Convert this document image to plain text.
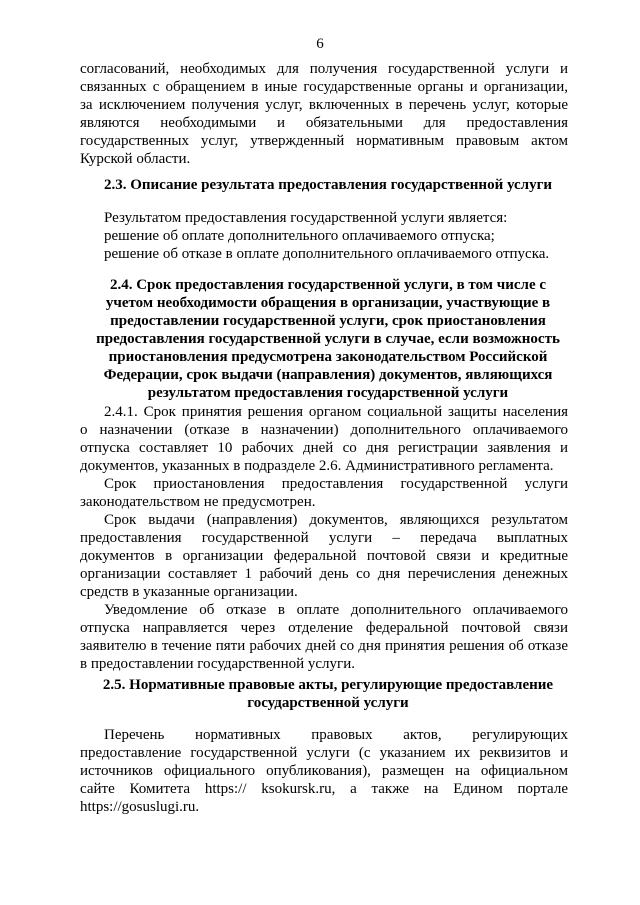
6
согласований, необходимых для получения государственной услуги и
связанных с обращением в иные государственные органы и организации,
за исключением получения услуг, включенных в перечень услуг, которые
являются необходимыми и обязательными для предоставления
государственных услуг, утвержденный нормативным правовым актом
Курской области.
2.3. Описание результата предоставления государственной услуги
Результатом предоставления государственной услуги является:
решение об оплате дополнительного оплачиваемого отпуска;
решение об отказе в оплате дополнительного оплачиваемого отпуска.
2.4. Срок предоставления государственной услуги, в том числе с
учетом необходимости обращения в организации, участвующие в
предоставлении государственной услуги, срок приостановления
предоставления государственной услуги в случае, если возможность
приостановления предусмотрена законодательством Российской
Федерации, срок выдачи (направления) документов, являющихся
результатом предоставления государственной услуги
2.4.1. Срок принятия решения органом социальной защиты населения
о назначении (отказе в назначении) дополнительного оплачиваемого
отпуска составляет 10 рабочих дней со дня регистрации заявления и
документов, указанных в подразделе 2.6. Административного регламента.
Срок приостановления предоставления государственной услуги
законодательством не предусмотрен.
Срок выдачи (направления) документов, являющихся результатом
предоставления государственной услуги – передача выплатных
документов в организации федеральной почтовой связи и кредитные
организации составляет 1 рабочий день со дня перечисления денежных
средств в указанные организации.
Уведомление об отказе в оплате дополнительного оплачиваемого
отпуска направляется через отделение федеральной почтовой связи
заявителю в течение пяти рабочих дней со дня принятия решения об отказе
в предоставлении государственной услуги.
2.5. Нормативные правовые акты, регулирующие предоставление
государственной услуги
Перечень нормативных правовых актов, регулирующих
предоставление государственной услуги (с указанием их реквизитов и
источников официального опубликования), размещен на официальном
сайте Комитета https:// ksokursk.ru, а также на Едином портале
https://gosuslugi.ru.
